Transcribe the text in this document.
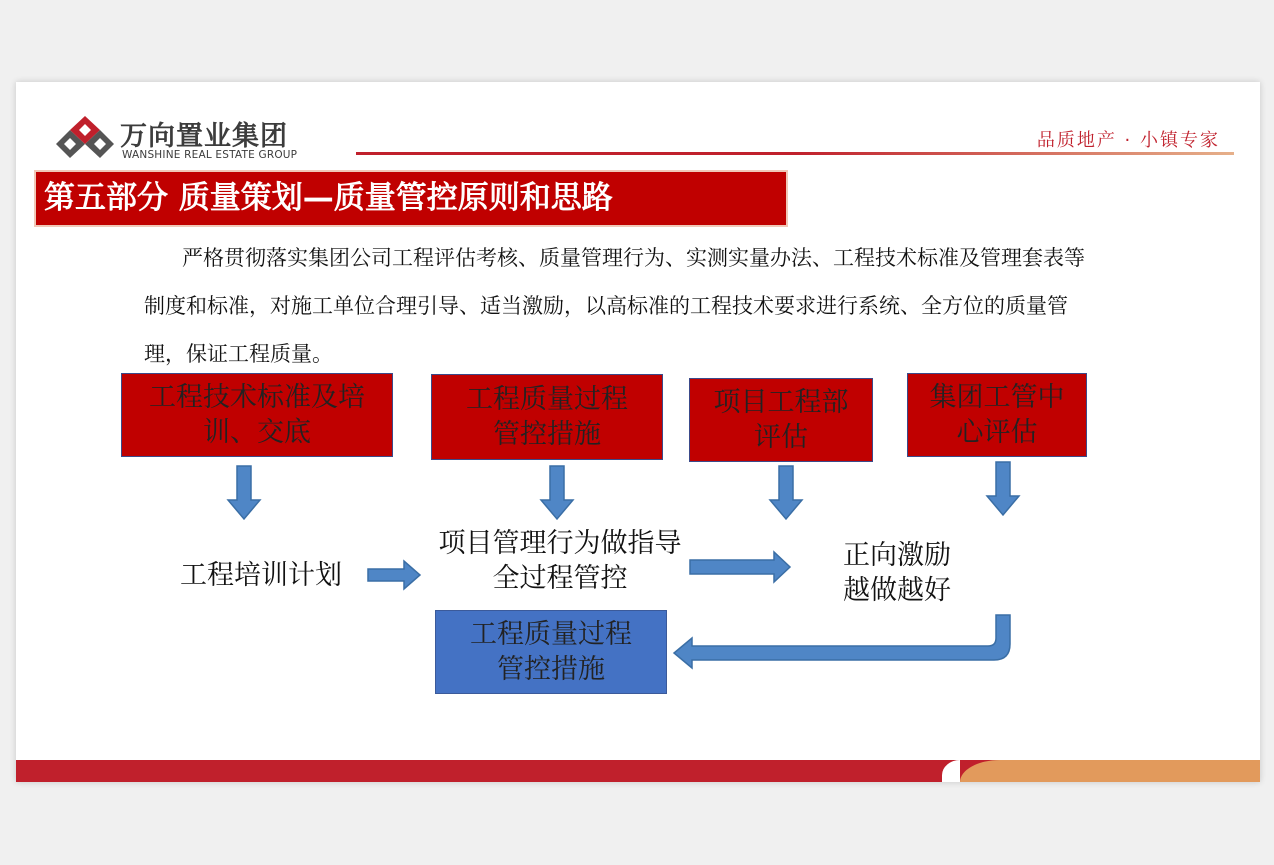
万向置业集团
WANSHINE REAL ESTATE GROUP
品质地产 · 小镇专家
第五部分 质量策划—质量管控原则和思路
严格贯彻落实集团公司工程评估考核、质量管理行为、实测实量办法、工程技术标准及管理套表等制度和标准，对施工单位合理引导、适当激励，以高标准的工程技术要求进行系统、全方位的质量管理，保证工程质量。
工程技术标准及培
训、交底
工程质量过程
管控措施
项目工程部
评估
集团工管中
心评估
工程培训计划
项目管理行为做指导
全过程管控
正向激励
越做越好
工程质量过程
管控措施
